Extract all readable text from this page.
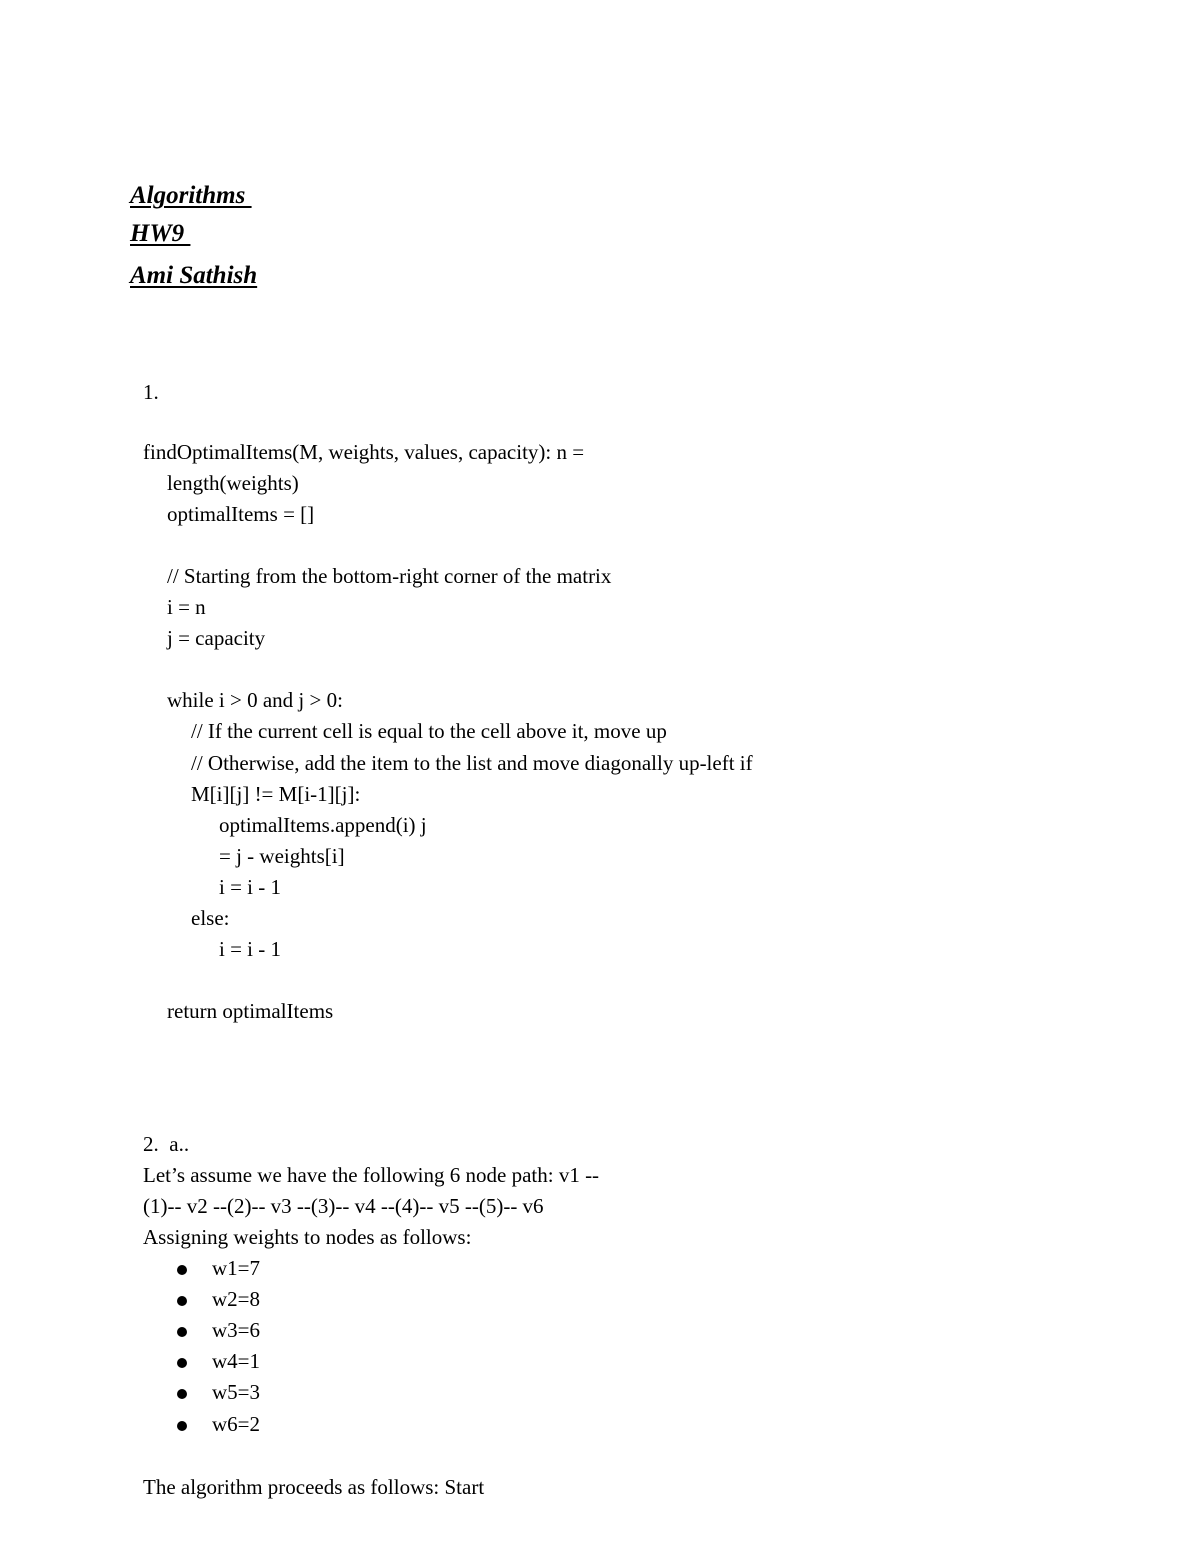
Algorithms
HW9
Ami Sathish
1.
findOptimalItems(M, weights, values, capacity): n =
length(weights)
optimalItems = []
// Starting from the bottom-right corner of the matrix
i = n
j = capacity
while i > 0 and j > 0:
// If the current cell is equal to the cell above it, move up
// Otherwise, add the item to the list and move diagonally up-left if
M[i][j] != M[i-1][j]:
optimalItems.append(i) j
= j - weights[i]
i = i - 1
else:
i = i - 1
return optimalItems
2.  a..
Let’s assume we have the following 6 node path: v1 --
(1)-- v2 --(2)-- v3 --(3)-- v4 --(4)-- v5 --(5)-- v6
Assigning weights to nodes as follows:
w1=7
w2=8
w3=6
w4=1
w5=3
w6=2
The algorithm proceeds as follows: Start
